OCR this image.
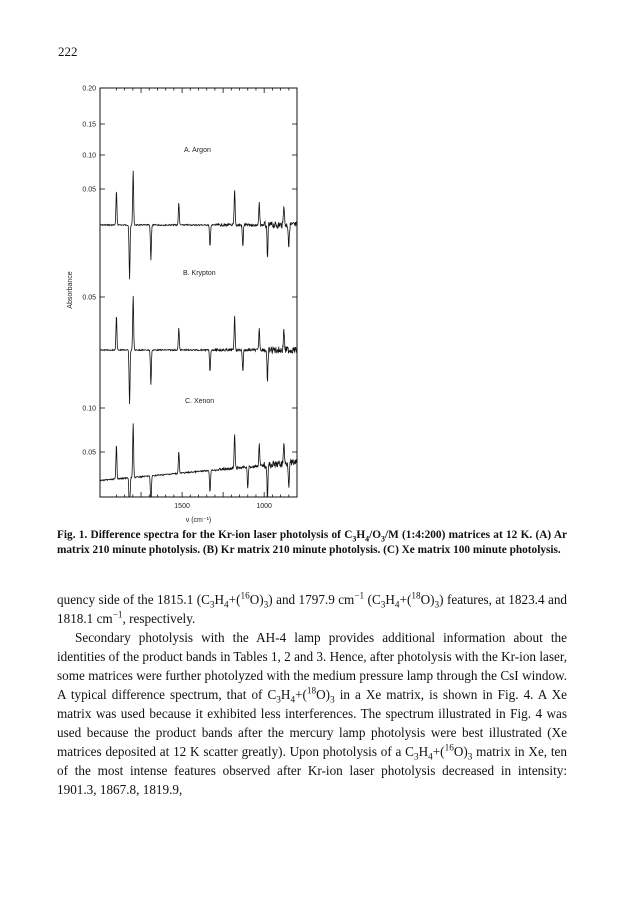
222
0.20
0.15
0.10
0.05
A. Argon
0.05
B. Krypton
0.10
0.05
C. Xenon
1500	1000
ν (cm⁻¹)
Absorbance
Fig. 1. Difference spectra for the Kr-ion laser photolysis of $C_3H_4/O_3/M$ (1:4:200) matrices at 12 K. (A) Ar matrix 210 minute photolysis. (B) Kr matrix 210 minute photolysis. (C) Xe matrix 100 minute photolysis.

quency side of the 1815.1 $(C_3H_4+(^{16}O)_3)$ and 1797.9 $cm^{-1}$ $(C_3H_4+(^{18}O)_3)$ features, at 1823.4 and 1818.1 $cm^{-1}$, respectively.

Secondary photolysis with the AH-4 lamp provides additional information about the identities of the product bands in Tables 1, 2 and 3. Hence, after photolysis with the Kr-ion laser, some matrices were further photolyzed with the medium pressure lamp through the CsI window. A typical difference spectrum, that of $C_3H_4+(^{18}O)_3$ in a Xe matrix, is shown in Fig. 4. A Xe matrix was used because it exhibited less interferences. The spectrum illustrated in Fig. 4 was used because the product bands after the mercury lamp photolysis were best illustrated (Xe matrices deposited at 12 K scatter greatly). Upon photolysis of a $C_3H_4+(^{16}O)_3$ matrix in Xe, ten of the most intense features observed after Kr-ion laser photolysis decreased in intensity: 1901.3, 1867.8, 1819.9,
